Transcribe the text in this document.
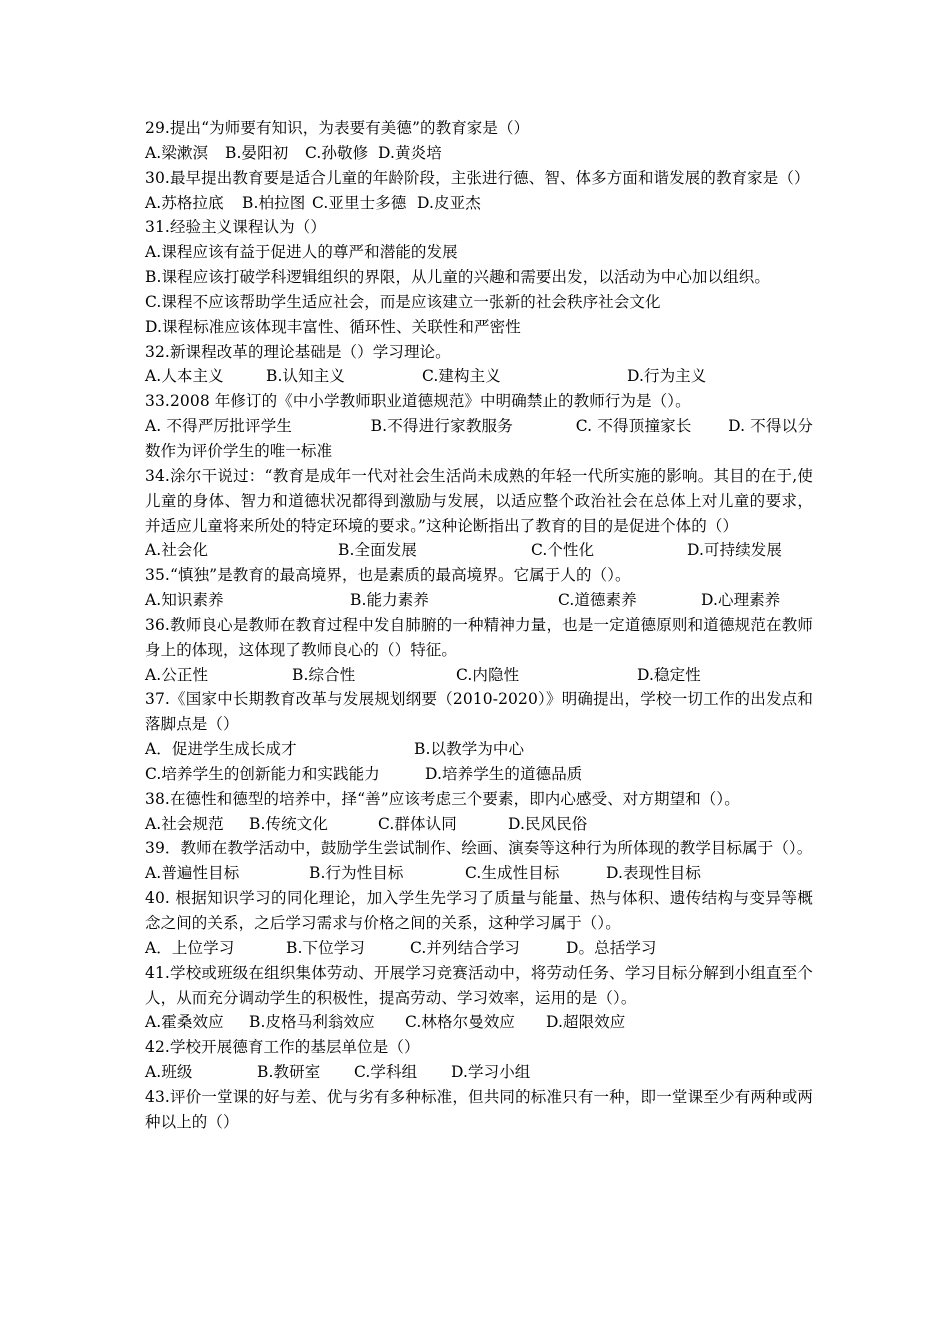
29.提出“为师要有知识，为表要有美德”的教育家是（）
A.梁漱溟 B.晏阳初 C.孙敬修 D.黄炎培
30.最早提出教育要是适合儿童的年龄阶段，主张进行德、智、体多方面和谐发展的教育家是（）
A.苏格拉底 B.柏拉图 C.亚里士多德 D.皮亚杰
31.经验主义课程认为（）
A.课程应该有益于促进人的尊严和潜能的发展
B.课程应该打破学科逻辑组织的界限，从儿童的兴趣和需要出发，以活动为中心加以组织。
C.课程不应该帮助学生适应社会，而是应该建立一张新的社会秩序社会文化
D.课程标准应该体现丰富性、循环性、关联性和严密性
32.新课程改革的理论基础是（）学习理论。
A.人本主义	B.认知主义	C.建构主义	D.行为主义
33.2008 年修订的《中小学教师职业道德规范》中明确禁止的教师行为是（）。
A. 不得严厉批评学生　　　　　B.不得进行家教服务　　　　C. 不得顶撞家长　　 D. 不得以分数作为评价学生的唯一标准
34.涂尔干说过：“教育是成年一代对社会生活尚未成熟的年轻一代所实施的影响。其目的在于,使儿童的身体、智力和道德状况都得到激励与发展，以适应整个政治社会在总体上对儿童的要求，并适应儿童将来所处的特定环境的要求。”这种论断指出了教育的目的是促进个体的（）
A.社会化	B.全面发展	C.个性化	D.可持续发展
35.“慎独”是教育的最高境界，也是素质的最高境界。它属于人的（）。
A.知识素养	B.能力素养	C.道德素养	D.心理素养
36.教师良心是教师在教育过程中发自肺腑的一种精神力量，也是一定道德原则和道德规范在教师身上的体现，这体现了教师良心的（）特征。
A.公正性	B.综合性	C.内隐性	D.稳定性
37.《国家中长期教育改革与发展规划纲要（2010-2020）》明确提出，学校一切工作的出发点和落脚点是（）
A．促进学生成长成才	B.以教学为中心
C.培养学生的创新能力和实践能力	D.培养学生的道德品质
38.在德性和德型的培养中，择“善”应该考虑三个要素，即内心感受、对方期望和（）。
A.社会规范 B.传统文化	C.群体认同	D.民风民俗
39．教师在教学活动中，鼓励学生尝试制作、绘画、演奏等这种行为所体现的教学目标属于（）。
A.普遍性目标	B.行为性目标	C.生成性目标	D.表现性目标
40. 根据知识学习的同化理论，加入学生先学习了质量与能量、热与体积、遗传结构与变异等概念之间的关系，之后学习需求与价格之间的关系，这种学习属于（）。
A．上位学习	B.下位学习	C.并列结合学习	D。总括学习
41.学校或班级在组织集体劳动、开展学习竞赛活动中，将劳动任务、学习目标分解到小组直至个人，从而充分调动学生的积极性，提高劳动、学习效率，运用的是（）。
A.霍桑效应 B.皮格马利翁效应 C.林格尔曼效应 D.超限效应
42.学校开展德育工作的基层单位是（）
A.班级	B.教研室 C.学科组 D.学习小组
43.评价一堂课的好与差、优与劣有多种标准，但共同的标准只有一种，即一堂课至少有两种或两种以上的（）
